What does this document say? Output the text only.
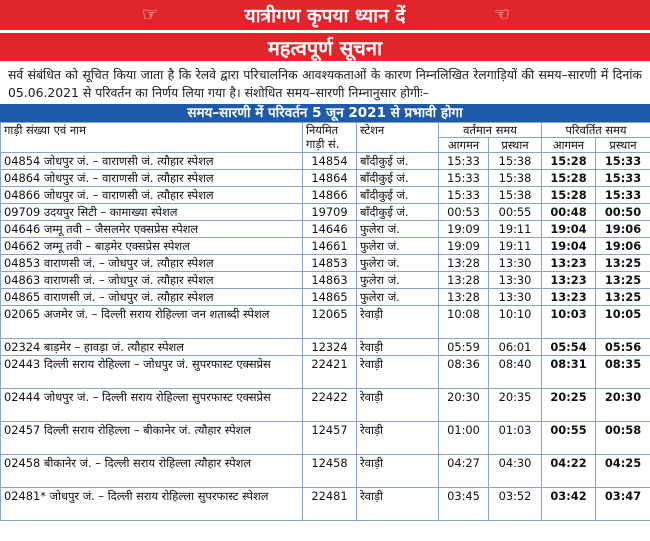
☞	यात्रीगण कृपया ध्यान दें	☜
महत्वपूर्ण सूचना
सर्व संबंधित को सूचित किया जाता है कि रेलवे द्वारा परिचालनिक आवश्यकताओं के कारण निम्नलिखित रेलगाड़ियों की समय–सारणी में दिनांक 05.06.2021 से परिवर्तन का निर्णय लिया गया है। संशोधित समय–सारणी निम्नानुसार होगीः–
समय–सारणी में परिवर्तन 5 जून 2021 से प्रभावी होगा
गाड़ी संख्या एवं नाम	नियमित गाड़ी सं.	स्टेशन	वर्तमान समय		परिवर्तित समय	
			आगमन	प्रस्थान	आगमन	प्रस्थान
04854 जोधपुर जं. – वाराणसी जं. त्यौहार स्पेशल	14854	बाँदीकुई जं.	15:33	15:38	15:28	15:33
04864 जोधपुर जं. – वाराणसी जं. त्यौहार स्पेशल	14864	बाँदीकुई जं.	15:33	15:38	15:28	15:33
04866 जोधपुर जं. – वाराणसी जं. त्यौहार स्पेशल	14866	बाँदीकुई जं.	15:33	15:38	15:28	15:33
09709 उदयपुर सिटी – कामाख्या स्पेशल	19709	बाँदीकुई जं.	00:53	00:55	00:48	00:50
04646 जम्मू तवी – जैसलमेर एक्सप्रेस स्पेशल	14646	फुलेरा जं.	19:09	19:11	19:04	19:06
04662 जम्मू तवी – बाड़मेर एक्सप्रेस स्पेशल	14661	फुलेरा जं.	19:09	19:11	19:04	19:06
04853 वाराणसी जं. – जोधपुर जं. त्यौहार स्पेशल	14853	फुलेरा जं.	13:28	13:30	13:23	13:25
04863 वाराणसी जं. – जोधपुर जं. त्यौहार स्पेशल	14863	फुलेरा जं.	13:28	13:30	13:23	13:25
04865 वाराणसी जं. – जोधपुर जं. त्यौहार स्पेशल	14865	फुलेरा जं.	13:28	13:30	13:23	13:25
02065 अजमेर जं. – दिल्ली सराय रोहिल्ला जन शताब्दी स्पेशल	12065	रेवाड़ी	10:08	10:10	10:03	10:05
02324 बाड़मेर – हावड़ा जं. त्यौहार स्पेशल	12324	रेवाड़ी	05:59	06:01	05:54	05:56
02443 दिल्ली सराय रोहिल्ला – जोधपुर जं. सुपरफास्ट एक्सप्रेस	22421	रेवाड़ी	08:36	08:40	08:31	08:35
02444 जोधपुर जं. – दिल्ली सराय रोहिल्ला सुपरफास्ट एक्सप्रेस	22422	रेवाड़ी	20:30	20:35	20:25	20:30
02457 दिल्ली सराय रोहिल्ला – बीकानेर जं. त्यौहार स्पेशल	12457	रेवाड़ी	01:00	01:03	00:55	00:58
02458 बीकानेर जं. – दिल्ली सराय रोहिल्ला त्यौहार स्पेशल	12458	रेवाड़ी	04:27	04:30	04:22	04:25
02481* जोधपुर जं. – दिल्ली सराय रोहिल्ला सुपरफास्ट स्पेशल	22481	रेवाड़ी	03:45	03:52	03:42	03:47
